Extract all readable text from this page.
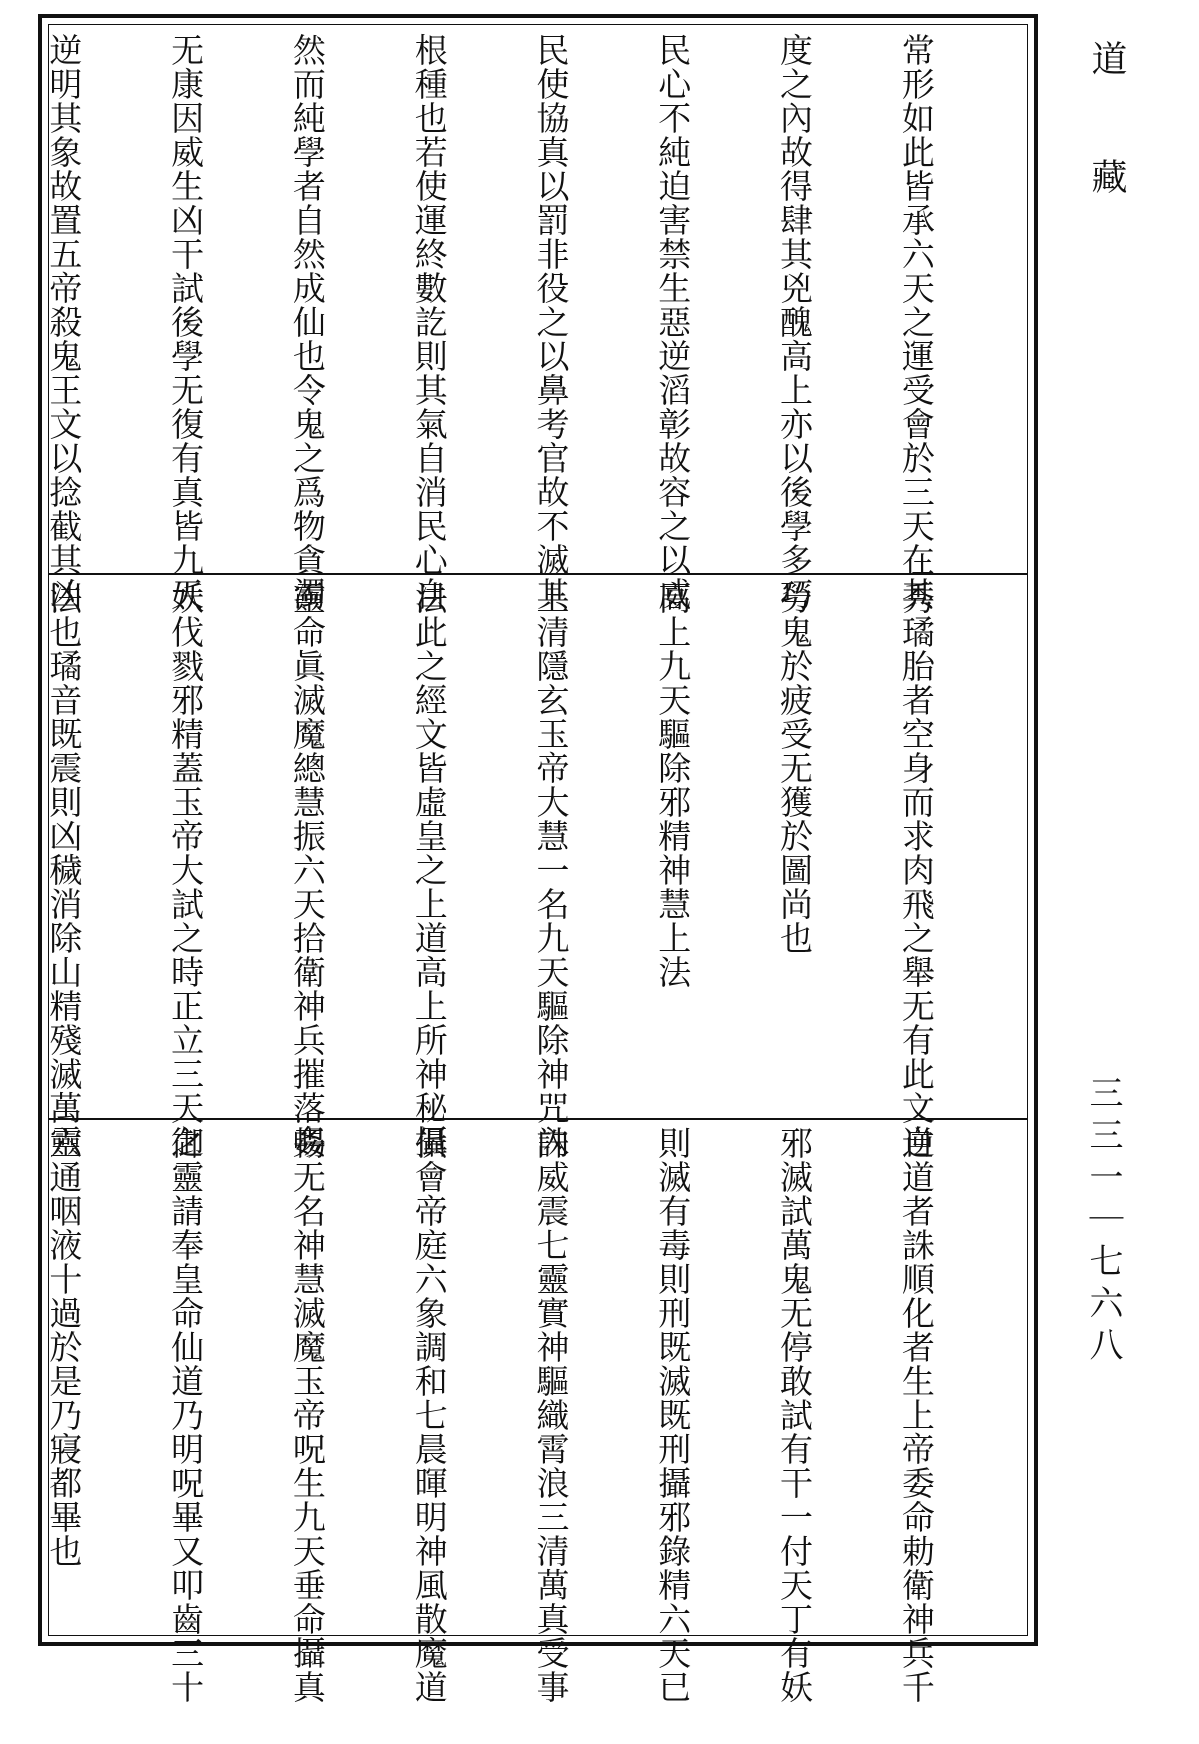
道藏

常形如此皆承六天之運受會於三天在其

度之內故得肆其兇醜高上亦以後學多巧

民心不純迫害禁生惡逆滔彰故容之以威

民使協真以罰非役之以鼻考官故不滅其

根種也若使運終數訖則其氣自消民心自

然而純學者自然成仙也令鬼之爲物貪濁

无康因威生凶干試後學无復有真皆九天

逆明其象故置五帝殺鬼王文以捻截其凶

秀璚胎者空身而求肉飛之舉无有此文自

勞鬼於疲受无獲於圖尚也

高上九天驅除邪精神慧上法

上清隱玄玉帝大慧一名九天驅除神咒內

法此之經文皆虛皇之上道高上所神秘攝

靈命眞滅魔總慧振六天拾衛神兵摧落姦

妖伐戮邪精蓋玉帝大試之時正立三天之

法也璚音既震則凶穢消除山精殘滅萬靈

逆道者誅順化者生上帝委命勅衛神兵千

邪滅試萬鬼无停敢試有干一付天丁有妖

則滅有毒則刑既滅既刑攝邪錄精六天已

誅威震七靈實神驅織霄浪三清萬真受事

俱會帝庭六象調和七晨暉明神風散魔道

暢无名神慧滅魔玉帝呪生九天垂命攝真

御靈請奉皇命仙道乃明呪畢又叩齒三十

六通咽液十過於是乃寢都畢也

	三三一｜七六八
